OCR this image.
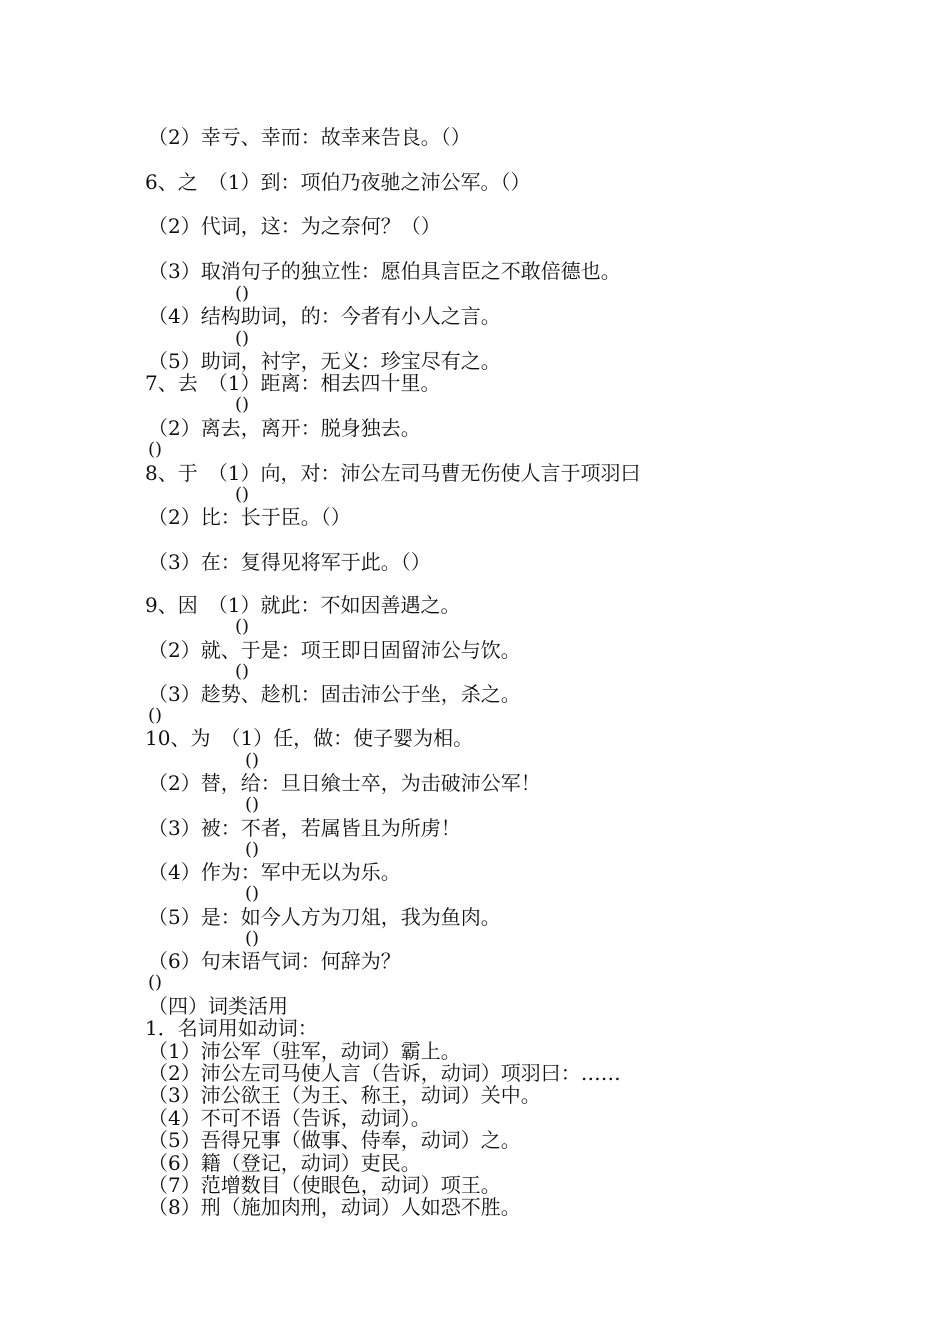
（2）幸亏、幸而：故幸来告良。（）
6、之　（1）到：项伯乃夜驰之沛公军。（）
（2）代词，这：为之奈何？（）
（3）取消句子的独立性：愿伯具言臣之不敢倍德也。
()
（4）结构助词，的：今者有小人之言。
()
（5）助词，衬字，无义：珍宝尽有之。
7、去　（1）距离：相去四十里。
()
（2）离去，离开：脱身独去。
()
8、于　（1）向，对：沛公左司马曹无伤使人言于项羽曰
()
（2）比：长于臣。（）
（3）在：复得见将军于此。（）
9、因　（1）就此：不如因善遇之。
()
（2）就、于是：项王即日固留沛公与饮。
()
（3）趁势、趁机：固击沛公于坐，杀之。
()
10、为　（1）任，做：使子婴为相。
()
（2）替，给：旦日飨士卒，为击破沛公军！
()
（3）被：不者，若属皆且为所虏！
()
（4）作为：军中无以为乐。
()
（5）是：如今人方为刀俎，我为鱼肉。
()
（6）句末语气词：何辞为？
()
（四）词类活用
1．名词用如动词：
（1）沛公军（驻军，动词）霸上。
（2）沛公左司马使人言（告诉，动词）项羽曰：……
（3）沛公欲王（为王、称王，动词）关中。
（4）不可不语（告诉，动词）。
（5）吾得兄事（做事、侍奉，动词）之。
（6）籍（登记，动词）吏民。
（7）范增数目（使眼色，动词）项王。
（8）刑（施加肉刑，动词）人如恐不胜。
